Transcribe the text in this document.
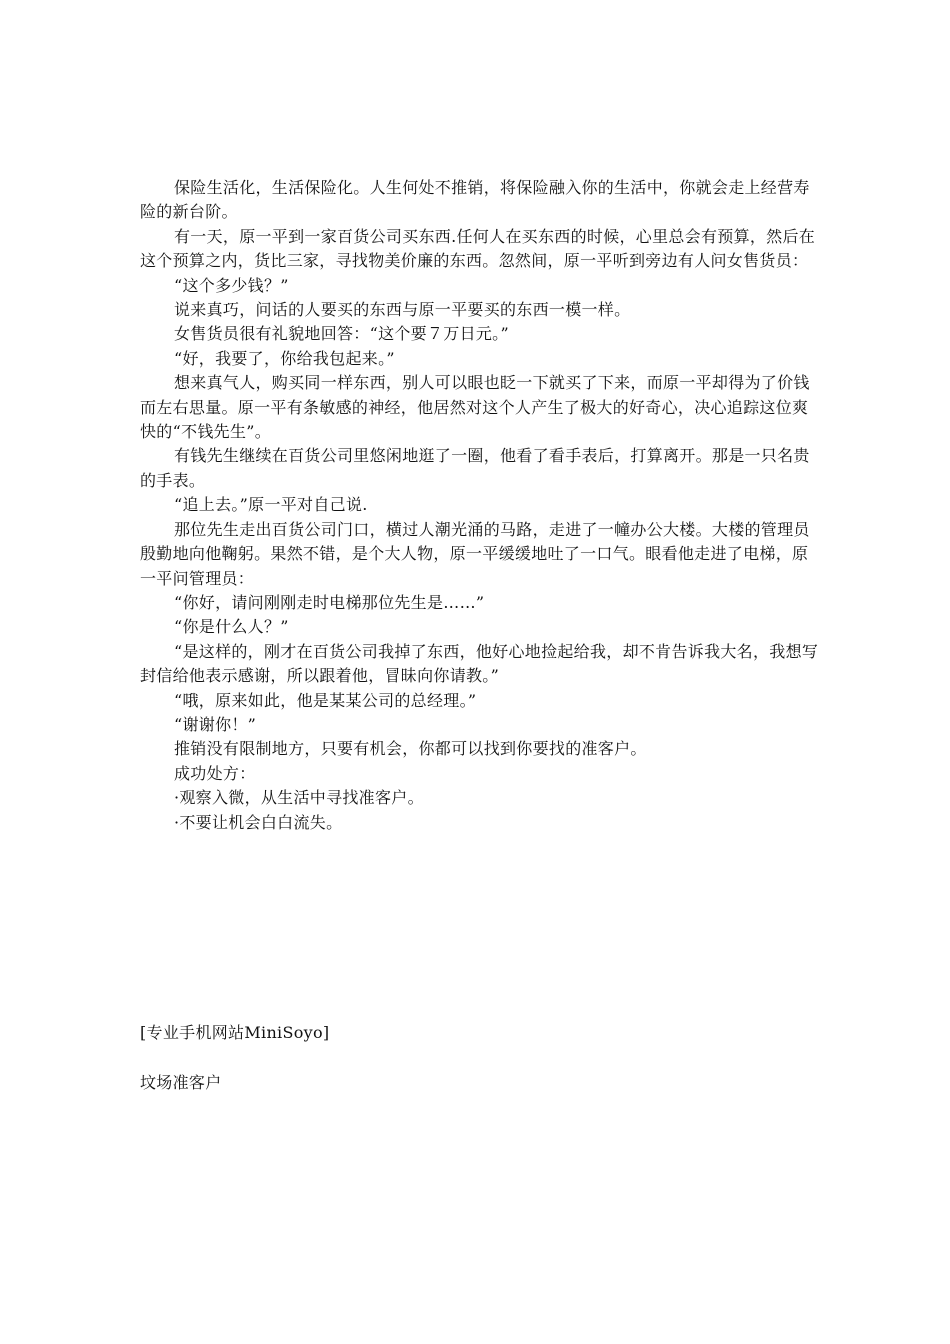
保险生活化，生活保险化。人生何处不推销，将保险融入你的生活中，你就会走上经营寿险的新台阶。

有一天，原一平到一家百货公司买东西.任何人在买东西的时候，心里总会有预算，然后在这个预算之内，货比三家，寻找物美价廉的东西。忽然间，原一平听到旁边有人问女售货员：

“这个多少钱？”

说来真巧，问话的人要买的东西与原一平要买的东西一模一样。

女售货员很有礼貌地回答：“这个要７万日元。”

“好，我要了，你给我包起来。”

想来真气人，购买同一样东西，别人可以眼也眨一下就买了下来，而原一平却得为了价钱而左右思量。原一平有条敏感的神经，他居然对这个人产生了极大的好奇心，决心追踪这位爽快的“不钱先生”。

有钱先生继续在百货公司里悠闲地逛了一圈，他看了看手表后，打算离开。那是一只名贵的手表。

“追上去。”原一平对自己说.

那位先生走出百货公司门口，横过人潮光涌的马路，走进了一幢办公大楼。大楼的管理员殷勤地向他鞠躬。果然不错，是个大人物，原一平缓缓地吐了一口气。眼看他走进了电梯，原一平问管理员：

“你好，请问刚刚走时电梯那位先生是……”

“你是什么人？”

“是这样的，刚才在百货公司我掉了东西，他好心地捡起给我，却不肯告诉我大名，我想写封信给他表示感谢，所以跟着他，冒昧向你请教。”

“哦，原来如此，他是某某公司的总经理。”

“谢谢你！”

推销没有限制地方，只要有机会，你都可以找到你要找的准客户。

成功处方：

·观察入微，从生活中寻找准客户。

·不要让机会白白流失。

[专业手机网站MiniSoyo]
坟场准客户
